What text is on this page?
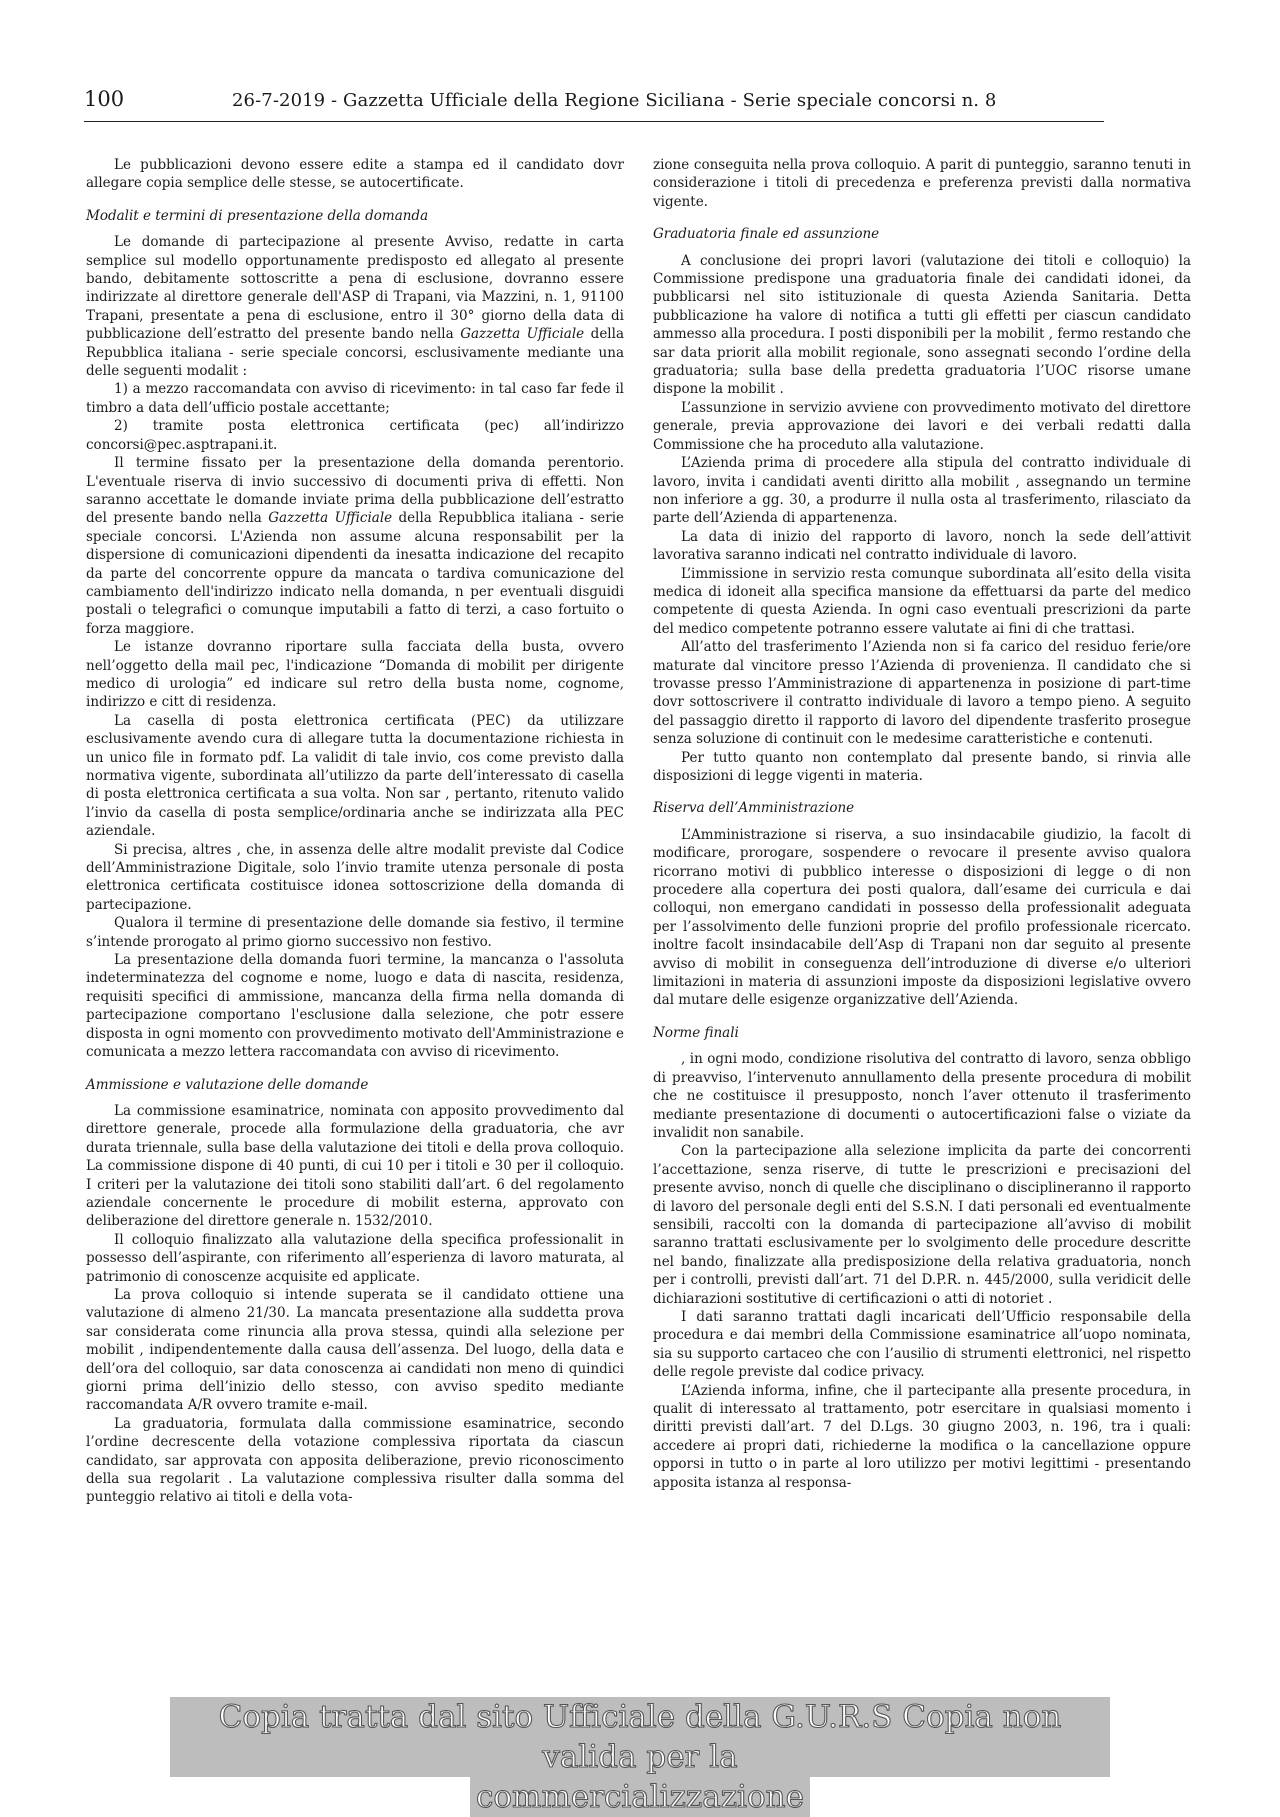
100	26-7-2019 - Gazzetta Ufficiale della Regione Siciliana - Serie speciale concorsi n. 8

Le pubblicazioni devono essere edite a stampa ed il candidato dovr allegare copia semplice delle stesse, se autocertificate.

Modalit e termini di presentazione della domanda

Le domande di partecipazione al presente Avviso, redatte in carta semplice sul modello opportunamente predisposto ed allegato al presente bando, debitamente sottoscritte a pena di esclusione, dovranno essere indirizzate al direttore generale dell'ASP di Trapani, via Mazzini, n. 1, 91100 Trapani, presentate a pena di esclusione, entro il 30° giorno della data di pubblicazione dell’estratto del presente bando nella Gazzetta Ufficiale della Repubblica italiana - serie speciale concorsi, esclusivamente mediante una delle seguenti modalit :

1) a mezzo raccomandata con avviso di ricevimento: in tal caso far fede il timbro a data dell’ufficio postale accettante;

2) tramite posta elettronica certificata (pec) all’indirizzo concorsi@pec.asptrapani.it.

Il termine fissato per la presentazione della domanda perentorio. L'eventuale riserva di invio successivo di documenti priva di effetti. Non saranno accettate le domande inviate prima della pubblicazione dell’estratto del presente bando nella Gazzetta Ufficiale della Repubblica italiana - serie speciale concorsi. L'Azienda non assume alcuna responsabilit per la dispersione di comunicazioni dipendenti da inesatta indicazione del recapito da parte del concorrente oppure da mancata o tardiva comunicazione del cambiamento dell'indirizzo indicato nella domanda, n per eventuali disguidi postali o telegrafici o comunque imputabili a fatto di terzi, a caso fortuito o forza maggiore.

Le istanze dovranno riportare sulla facciata della busta, ovvero nell’oggetto della mail pec, l'indicazione “Domanda di mobilit per dirigente medico di urologia” ed indicare sul retro della busta nome, cognome, indirizzo e citt di residenza.

La casella di posta elettronica certificata (PEC) da utilizzare esclusivamente avendo cura di allegare tutta la documentazione richiesta in un unico file in formato pdf. La validit di tale invio, cos come previsto dalla normativa vigente, subordinata all’utilizzo da parte dell’interessato di casella di posta elettronica certificata a sua volta. Non sar , pertanto, ritenuto valido l’invio da casella di posta semplice/ordinaria anche se indirizzata alla PEC aziendale.

Si precisa, altres , che, in assenza delle altre modalit previste dal Codice dell’Amministrazione Digitale, solo l’invio tramite utenza personale di posta elettronica certificata costituisce idonea sottoscrizione della domanda di partecipazione.

Qualora il termine di presentazione delle domande sia festivo, il termine s’intende prorogato al primo giorno successivo non festivo.

La presentazione della domanda fuori termine, la mancanza o l'assoluta indeterminatezza del cognome e nome, luogo e data di nascita, residenza, requisiti specifici di ammissione, mancanza della firma nella domanda di partecipazione comportano l'esclusione dalla selezione, che potr essere disposta in ogni momento con provvedimento motivato dell'Amministrazione e comunicata a mezzo lettera raccomandata con avviso di ricevimento.

Ammissione e valutazione delle domande

La commissione esaminatrice, nominata con apposito provvedimento dal direttore generale, procede alla formulazione della graduatoria, che avr durata triennale, sulla base della valutazione dei titoli e della prova colloquio. La commissione dispone di 40 punti, di cui 10 per i titoli e 30 per il colloquio. I criteri per la valutazione dei titoli sono stabiliti dall’art. 6 del regolamento aziendale concernente le procedure di mobilit esterna, approvato con deliberazione del direttore generale n. 1532/2010.

Il colloquio finalizzato alla valutazione della specifica professionalit in possesso dell’aspirante, con riferimento all’esperienza di lavoro maturata, al patrimonio di conoscenze acquisite ed applicate.

La prova colloquio si intende superata se il candidato ottiene una valutazione di almeno 21/30. La mancata presentazione alla suddetta prova sar considerata come rinuncia alla prova stessa, quindi alla selezione per mobilit , indipendentemente dalla causa dell’assenza. Del luogo, della data e dell’ora del colloquio, sar data conoscenza ai candidati non meno di quindici giorni prima dell’inizio dello stesso, con avviso spedito mediante raccomandata A/R ovvero tramite e-mail.

La graduatoria, formulata dalla commissione esaminatrice, secondo l’ordine decrescente della votazione complessiva riportata da ciascun candidato, sar approvata con apposita deliberazione, previo riconoscimento della sua regolarit . La valutazione complessiva risulter dalla somma del punteggio relativo ai titoli e della vota-

zione conseguita nella prova colloquio. A parit di punteggio, saranno tenuti in considerazione i titoli di precedenza e preferenza previsti dalla normativa vigente.

Graduatoria finale ed assunzione

A conclusione dei propri lavori (valutazione dei titoli e colloquio) la Commissione predispone una graduatoria finale dei candidati idonei, da pubblicarsi nel sito istituzionale di questa Azienda Sanitaria. Detta pubblicazione ha valore di notifica a tutti gli effetti per ciascun candidato ammesso alla procedura. I posti disponibili per la mobilit , fermo restando che sar data priorit alla mobilit regionale, sono assegnati secondo l’ordine della graduatoria; sulla base della predetta graduatoria l’UOC risorse umane dispone la mobilit .

L’assunzione in servizio avviene con provvedimento motivato del direttore generale, previa approvazione dei lavori e dei verbali redatti dalla Commissione che ha proceduto alla valutazione.

L’Azienda prima di procedere alla stipula del contratto individuale di lavoro, invita i candidati aventi diritto alla mobilit , assegnando un termine non inferiore a gg. 30, a produrre il nulla osta al trasferimento, rilasciato da parte dell’Azienda di appartenenza.

La data di inizio del rapporto di lavoro, nonch la sede dell’attivit lavorativa saranno indicati nel contratto individuale di lavoro.

L’immissione in servizio resta comunque subordinata all’esito della visita medica di idoneit alla specifica mansione da effettuarsi da parte del medico competente di questa Azienda. In ogni caso eventuali prescrizioni da parte del medico competente potranno essere valutate ai fini di che trattasi.

All’atto del trasferimento l’Azienda non si fa carico del residuo ferie/ore maturate dal vincitore presso l’Azienda di provenienza. Il candidato che si trovasse presso l’Amministrazione di appartenenza in posizione di part-time dovr sottoscrivere il contratto individuale di lavoro a tempo pieno. A seguito del passaggio diretto il rapporto di lavoro del dipendente trasferito prosegue senza soluzione di continuit con le medesime caratteristiche e contenuti.

Per tutto quanto non contemplato dal presente bando, si rinvia alle disposizioni di legge vigenti in materia.

Riserva dell’Amministrazione

L’Amministrazione si riserva, a suo insindacabile giudizio, la facolt di modificare, prorogare, sospendere o revocare il presente avviso qualora ricorrano motivi di pubblico interesse o disposizioni di legge o di non procedere alla copertura dei posti qualora, dall’esame dei curricula e dai colloqui, non emergano candidati in possesso della professionalit adeguata per l’assolvimento delle funzioni proprie del profilo professionale ricercato. inoltre facolt insindacabile dell’Asp di Trapani non dar seguito al presente avviso di mobilit in conseguenza dell’introduzione di diverse e/o ulteriori limitazioni in materia di assunzioni imposte da disposizioni legislative ovvero dal mutare delle esigenze organizzative dell’Azienda.

Norme finali

, in ogni modo, condizione risolutiva del contratto di lavoro, senza obbligo di preavviso, l’intervenuto annullamento della presente procedura di mobilit che ne costituisce il presupposto, nonch l’aver ottenuto il trasferimento mediante presentazione di documenti o autocertificazioni false o viziate da invalidit non sanabile.

Con la partecipazione alla selezione implicita da parte dei concorrenti l’accettazione, senza riserve, di tutte le prescrizioni e precisazioni del presente avviso, nonch di quelle che disciplinano o disciplineranno il rapporto di lavoro del personale degli enti del S.S.N. I dati personali ed eventualmente sensibili, raccolti con la domanda di partecipazione all’avviso di mobilit saranno trattati esclusivamente per lo svolgimento delle procedure descritte nel bando, finalizzate alla predisposizione della relativa graduatoria, nonch per i controlli, previsti dall’art. 71 del D.P.R. n. 445/2000, sulla veridicit delle dichiarazioni sostitutive di certificazioni o atti di notoriet .

I dati saranno trattati dagli incaricati dell’Ufficio responsabile della procedura e dai membri della Commissione esaminatrice all’uopo nominata, sia su supporto cartaceo che con l’ausilio di strumenti elettronici, nel rispetto delle regole previste dal codice privacy.

L’Azienda informa, infine, che il partecipante alla presente procedura, in qualit di interessato al trattamento, potr esercitare in qualsiasi momento i diritti previsti dall’art. 7 del D.Lgs. 30 giugno 2003, n. 196, tra i quali: accedere ai propri dati, richiederne la modifica o la cancellazione oppure opporsi in tutto o in parte al loro utilizzo per motivi legittimi - presentando apposita istanza al responsa-

Copia tratta dal sito Ufficiale della G.U.R.S Copia non valida per la
commercializzazione
